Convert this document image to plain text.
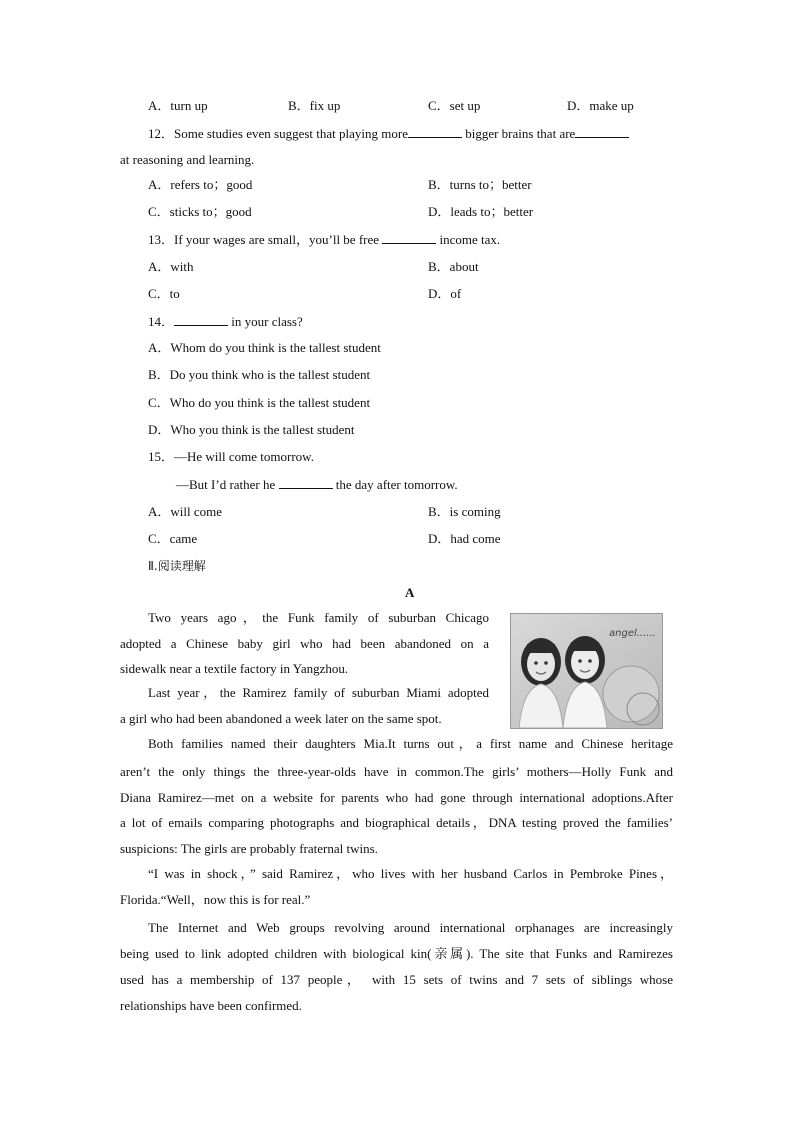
A．turn up	B．fix up	C．set up	D．make up
12．Some studies even suggest that playing more	bigger brains that are
at reasoning and learning.
A．refers to；good	B．turns to；better
C．sticks to；good	D．leads to；better
13．If your wages are small，you’ll be free	income tax.
A．with	B．about
C．to	D．of
14．	in your class?
A．Whom do you think is the tallest student
B．Do you think who is the tallest student
C．Who do you think is the tallest student
D．Who you think is the tallest student
15．—He will come tomorrow.
—But I’d rather he	the day after tomorrow.
A．will come	B．is coming
C．came	D．had come
Ⅱ.阅读理解
A
Two years ago，the Funk family of suburban Chicago
adopted a Chinese baby girl who had been abandoned on a
sidewalk near a textile factory in Yangzhou.
Last year，the Ramirez family of suburban Miami adopted
a girl who had been abandoned a week later on the same spot.
angel......
Both families named their daughters Mia.It turns out，a first name and Chinese heritage
aren’t the only things the three-year-olds have in common.The girls’ mothers—Holly Funk and
Diana Ramirez—met on a website for parents who had gone through international adoptions.After
a lot of emails comparing photographs and biographical details，DNA testing proved the families’
suspicions: The girls are probably fraternal twins.
“I was in shock，” said Ramirez，who lives with her husband Carlos in Pembroke Pines，
Florida.“Well，now this is for real.”
The Internet and Web groups revolving around international orphanages are increasingly
being used to link adopted children with biological kin(亲属). The site that Funks and Ramirezes
used has a membership of 137 people， with 15 sets of twins and 7 sets of siblings whose
relationships have been confirmed.
